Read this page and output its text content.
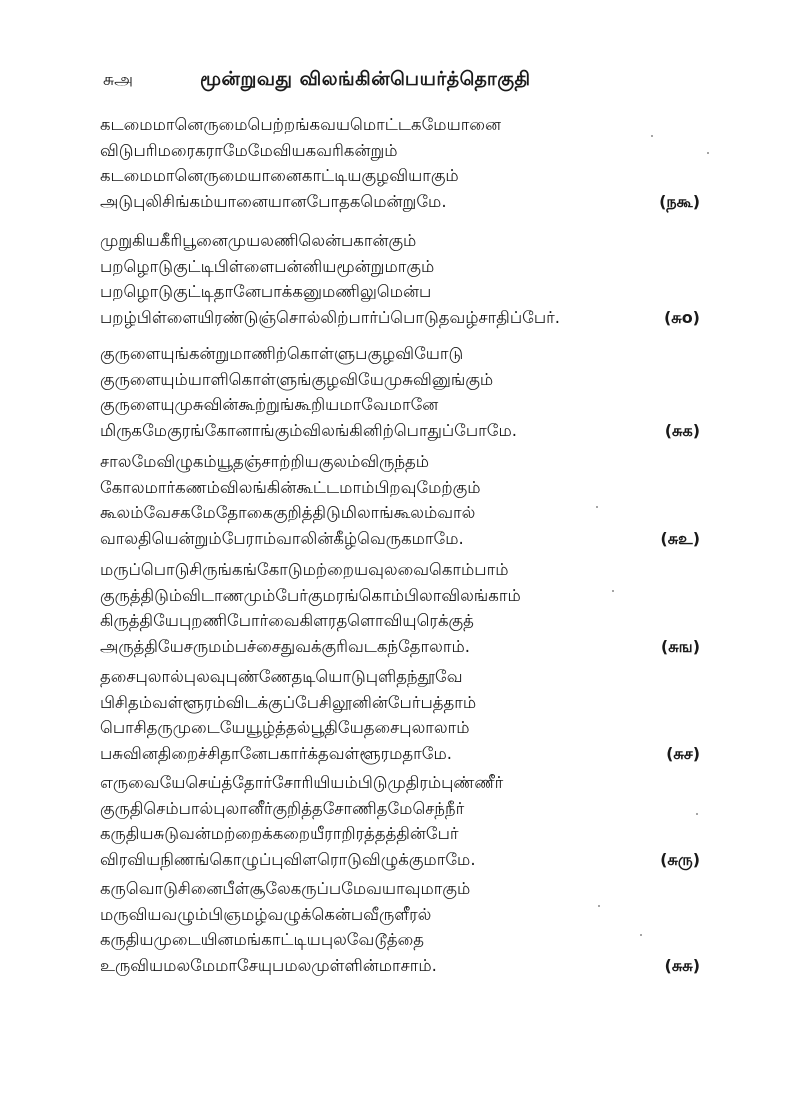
சுஅ	மூன்றுவது விலங்கின்பெயர்த்தொகுதி
கடமைமானெருமைபெற்றங்கவயமொட்டகமேயானை
விடுபரிமரைகராமேமேவியகவரிகன்றும்
கடமைமானெருமையானைகாட்டியகுழவியாகும்
அடுபுலிசிங்கம்யானையானபோதகமென்றுமே.	(நகூ)
முறுகியகீரிபூனைமுயலணிலென்பகான்கும்
பறழொடுகுட்டிபிள்ளைபன்னியமூன்றுமாகும்
பறழொடுகுட்டிதானேபாக்கனுமணிலுமென்ப
பறழ்பிள்ளையிரண்டுஞ்சொல்லிற்பார்ப்பொடுதவழ்சாதிப்பேர்.	(சுo)
குருளையுங்கன்றுமாணிற்கொள்ளுபகுழவியோடு
குருளையும்யாளிகொள்ளுங்குழவியேமுசுவினுங்கும்
குருளையுமுசுவின்கூற்றுங்கூறியமாவேமானே
மிருகமேகுரங்கோனாங்கும்விலங்கினிற்பொதுப்போமே.	(சுக)
சாலமேவிழுகம்யூதஞ்சாற்றியகுலம்விருந்தம்
கோலமார்கணம்விலங்கின்கூட்டமாம்பிறவுமேற்கும்
கூலம்வேசகமேதோகைகுறித்திடுமிலாங்கூலம்வால்
வாலதியென்றும்பேராம்வாலின்கீழ்வெருகமாமே.	(சுஉ)
மருப்பொடுசிருங்கங்கோடுமற்றையவுலவைகொம்பாம்
குருத்திடும்விடாணமும்பேர்குமரங்கொம்பிலாவிலங்காம்
கிருத்தியேபுறணிபோர்வைகிளரதளொவியுரெக்குத்
அருத்தியேசருமம்பச்சைதுவக்குரிவடகந்தோலாம்.	(சுங)
தசைபுலால்புலவுபுண்ணேதடியொடுபுளிதந்தூவே
பிசிதம்வள்ளூரம்விடக்குப்பேசிலூனின்பேர்பத்தாம்
பொசிதருமுடையேயூழ்த்தல்பூதியேதசைபுலாலாம்
பசுவினதிறைச்சிதானேபகார்க்தவள்ளூரமதாமே.	(சுச)
எருவையேசெய்த்தோர்சோரியியம்பிடுமுதிரம்புண்ணீர்
குருதிசெம்பால்புலானீர்குறித்தசோணிதமேசெந்நீர்
கருதியசுடுவன்மற்றைக்கறையீராறிரத்தத்தின்பேர்
விரவியநிணங்கொழுப்புவிளரொடுவிழுக்குமாமே.	(சுரு)
கருவொடுசினைபீள்சூலேகருப்பமேவயாவுமாகும்
மருவியவழும்பிஞமழ்வழுக்கென்பவீருளீரல்
கருதியமுடையினமங்காட்டியபுலவேடூத்தை
உருவியமலமேமாசேயுபமலமுள்ளின்மாசாம்.	(சுசு)
